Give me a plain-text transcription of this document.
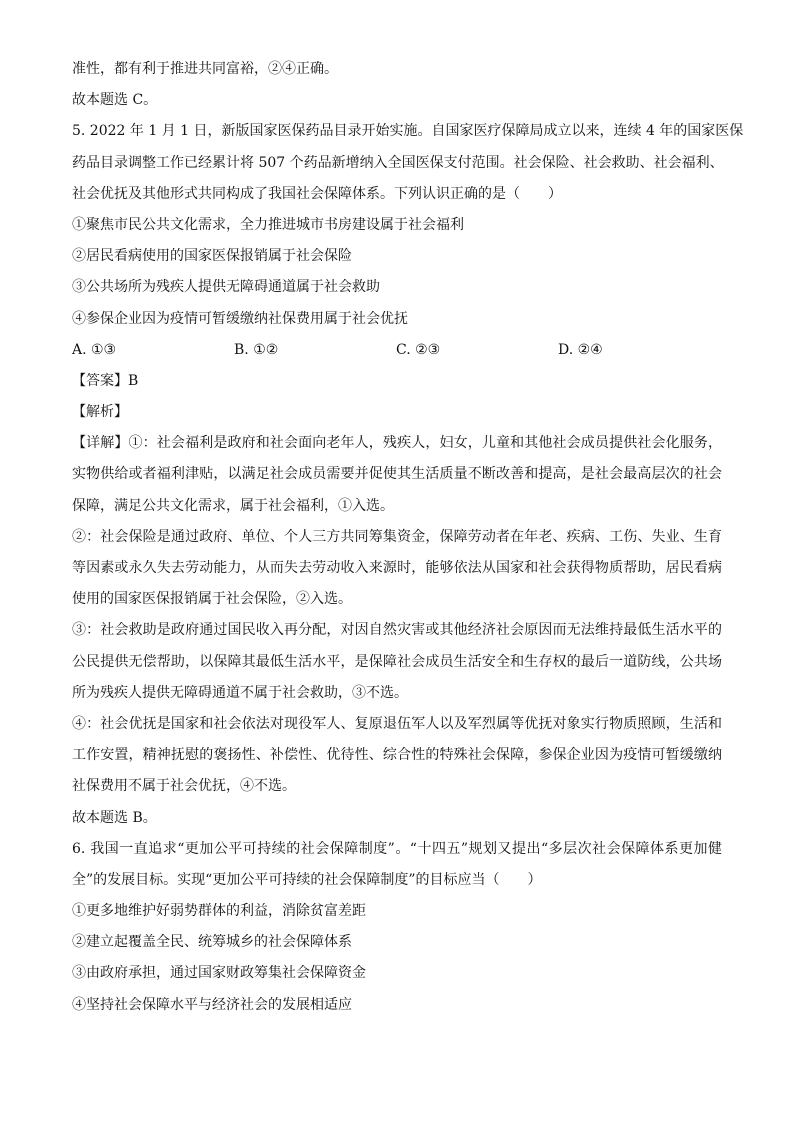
准性，都有利于推进共同富裕，②④正确。
故本题选 C。
5. 2022 年 1 月 1 日，新版国家医保药品目录开始实施。自国家医疗保障局成立以来，连续 4 年的国家医保
药品目录调整工作已经累计将 507 个药品新增纳入全国医保支付范围。社会保险、社会救助、社会福利、
社会优抚及其他形式共同构成了我国社会保障体系。下列认识正确的是（　　）
①聚焦市民公共文化需求，全力推进城市书房建设属于社会福利
②居民看病使用的国家医保报销属于社会保险
③公共场所为残疾人提供无障碍通道属于社会救助
④参保企业因为疫情可暂缓缴纳社保费用属于社会优抚
A. ①③	B. ①②	C. ②③	D. ②④
【答案】B
【解析】
【详解】①：社会福利是政府和社会面向老年人，残疾人，妇女，儿童和其他社会成员提供社会化服务，
实物供给或者福利津贴，以满足社会成员需要并促使其生活质量不断改善和提高，是社会最高层次的社会
保障，满足公共文化需求，属于社会福利，①入选。
②：社会保险是通过政府、单位、个人三方共同筹集资金，保障劳动者在年老、疾病、工伤、失业、生育
等因素或永久失去劳动能力，从而失去劳动收入来源时，能够依法从国家和社会获得物质帮助，居民看病
使用的国家医保报销属于社会保险，②入选。
③：社会救助是政府通过国民收入再分配，对因自然灾害或其他经济社会原因而无法维持最低生活水平的
公民提供无偿帮助，以保障其最低生活水平，是保障社会成员生活安全和生存权的最后一道防线，公共场
所为残疾人提供无障碍通道不属于社会救助，③不选。
④：社会优抚是国家和社会依法对现役军人、复原退伍军人以及军烈属等优抚对象实行物质照顾，生活和
工作安置，精神抚慰的褒扬性、补偿性、优待性、综合性的特殊社会保障，参保企业因为疫情可暂缓缴纳
社保费用不属于社会优抚，④不选。
故本题选 B。
6. 我国一直追求“更加公平可持续的社会保障制度”。“十四五”规划又提出“多层次社会保障体系更加健
全”的发展目标。实现“更加公平可持续的社会保障制度”的目标应当（　　）
①更多地维护好弱势群体的利益，消除贫富差距
②建立起覆盖全民、统筹城乡的社会保障体系
③由政府承担，通过国家财政筹集社会保障资金
④坚持社会保障水平与经济社会的发展相适应
